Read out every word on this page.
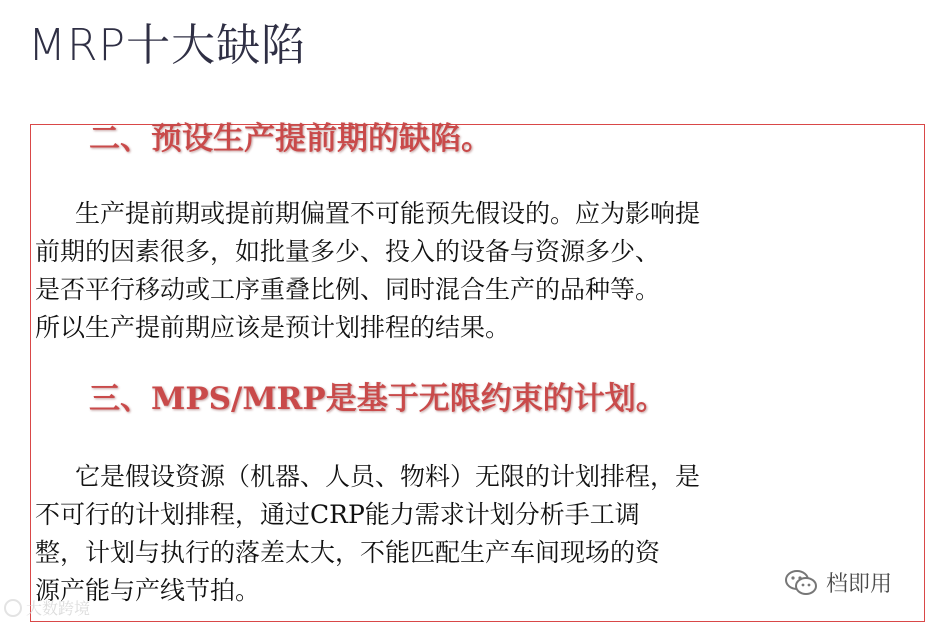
MRP十大缺陷
二、预设生产提前期的缺陷。
生产提前期或提前期偏置不可能预先假设的。应为影响提
前期的因素很多，如批量多少、投入的设备与资源多少、
是否平行移动或工序重叠比例、同时混合生产的品种等。
所以生产提前期应该是预计划排程的结果。
三、MPS/MRP是基于无限约束的计划。
它是假设资源（机器、人员、物料）无限的计划排程，是
不可行的计划排程，通过CRP能力需求计划分析手工调
整，计划与执行的落差太大，不能匹配生产车间现场的资
源产能与产线节拍。
大数跨境
档即用
